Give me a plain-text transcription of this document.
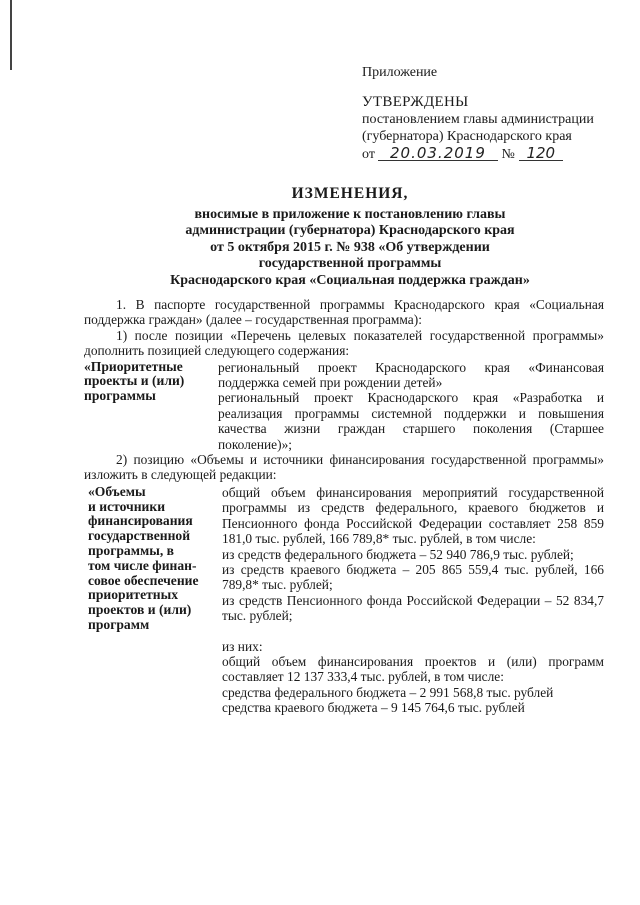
Приложение
УТВЕРЖДЕНЫ
постановлением главы администрации
(губернатора) Краснодарского края
от 20.03.2019 № 120
ИЗМЕНЕНИЯ,
вносимые в приложение к постановлению главы
администрации (губернатора) Краснодарского края
от 5 октября 2015 г. № 938 «Об утверждении
государственной программы
Краснодарского края «Социальная поддержка граждан»

1. В паспорте государственной программы Краснодарского края «Социальная поддержка граждан» (далее – государственная программа):

1) после позиции «Перечень целевых показателей государственной программы» дополнить позицией следующего содержания:

«Приоритетные проекты и (или) программы

региональный проект Краснодарского края «Финансовая поддержка семей при рождении детей»

региональный проект Краснодарского края «Разработка и реализация программы системной поддержки и повышения качества жизни граждан старшего поколения (Старшее поколение)»;

2) позицию «Объемы и источники финансирования государственной программы» изложить в следующей редакции:

«Объемы
и источники
финансирования
государственной
программы, в
том числе финан-
совое обеспечение
приоритетных
проектов и (или)
программ

общий объем финансирования мероприятий государственной программы из средств федерального, краевого бюджетов и Пенсионного фонда Российской Федерации составляет 258 859 181,0 тыс. рублей, 166 789,8* тыс. рублей, в том числе:

из средств федерального бюджета – 52 940 786,9 тыс. рублей;

из средств краевого бюджета – 205 865 559,4 тыс. рублей, 166 789,8* тыс. рублей;

из средств Пенсионного фонда Российской Федерации – 52 834,7 тыс. рублей;

из них:

общий объем финансирования проектов и (или) программ составляет 12 137 333,4 тыс. рублей, в том числе:

средства федерального бюджета – 2 991 568,8 тыс. рублей

средства краевого бюджета – 9 145 764,6 тыс. рублей
